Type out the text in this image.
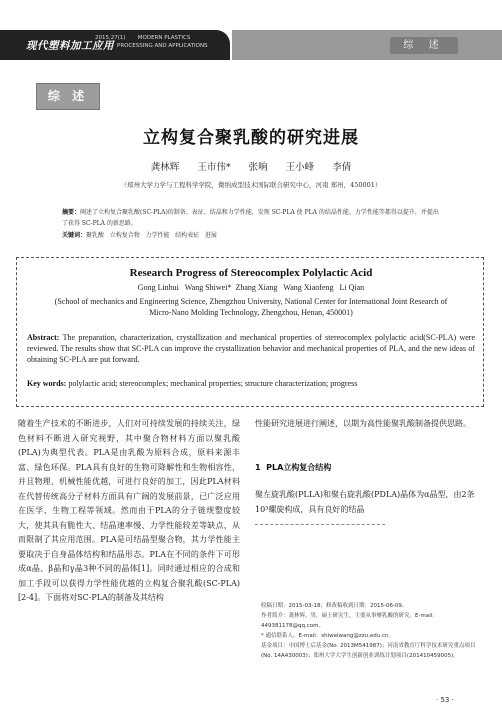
现代塑料加工应用
2015,27(1)       MODERN PLASTICS
PROCESSING AND APPLICATIONS	综 述
综 述
立构复合聚乳酸的研究进展
龚林辉  王市伟*  张响  王小峰  李倩
（郑州大学力学与工程科学学院，微纳成型技术国际联合研究中心，河南 郑州，450001）
摘要：阐述了立构复合聚乳酸(SC-PLA)的制备、表征、结晶和力学性能，发现 SC-PLA 使 PLA 的结晶性能、力学性能等都得以提升，并提出了获得 SC-PLA 的新思路。
关键词：聚乳酸   立构复合物   力学性能   结构表征   进展
Research Progress of Stereocomplex Polylactic Acid
Gong Linhui   Wang Shiwei*  Zhang Xiang   Wang Xiaofeng   Li Qian
(School of mechanics and Engineering Science, Zhengzhou University, National Center for International Joint Research of Micro-Nano Molding Technology, Zhengzhou, Henan, 450001)
Abstract: The preparation, characterization, crystallization and mechanical properties of stereocomplex polylactic acid(SC-PLA) were reviewed. The results show that SC-PLA can improve the crystallization behavior and mechanical properties of PLA, and the new ideas of obtaining SC-PLA are put forward.
Key words: polylactic acid; stereocomplex; mechanical properties; structure characterization; progress
随着生产技术的不断进步，人们对可持续发展的持续关注，绿色材料不断进入研究视野，其中聚合物材料方面以聚乳酸(PLA)为典型代表。PLA是由乳酸为原料合成，原料来源丰富、绿色环保。PLA具有良好的生物可降解性和生物相容性，并且物理、机械性能优越，可进行良好的加工，因此PLA材料在代替传统高分子材料方面具有广阔的发展前景，已广泛应用在医学、生物工程等领域。然而由于PLA的分子链规整度较大，使其具有脆性大、结晶速率慢、力学性能较差等缺点，从而限制了其应用范围。PLA是可结晶型聚合物，其力学性能主要取决于自身晶体结构和结晶形态。PLA在不同的条件下可形成α晶、β晶和γ晶3种不同的晶体[1]。同时通过相应的合成和加工手段可以获得力学性能优越的立构复合聚乳酸(SC-PLA)[2-4]。下面将对SC-PLA的制备及其结构
性能研究进展进行阐述，以期为高性能聚乳酸制备提供思路。
1  PLA立构复合结构
聚左旋乳酸(PLLA)和聚右旋乳酸(PDLA)晶体为α晶型，由2条10³螺旋构成，具有良好的结晶
收稿日期：2015-03-18；修改稿收到日期：2015-06-09。
作者简介：龚林辉，男，硕士研究生，主要从事聚乳酸的研究。E-mail：449381178@qq.com。
* 通信联系人，E-mail：shiweiwang@zzu.edu.cn。
基金项目：中国博士后基金(No. 2013M541987)；河南省教育厅科学技术研究重点项目(No. 14A430003)；郑州大学大学生创新创业训练计划项目(201410459005)。
· 53 ·
